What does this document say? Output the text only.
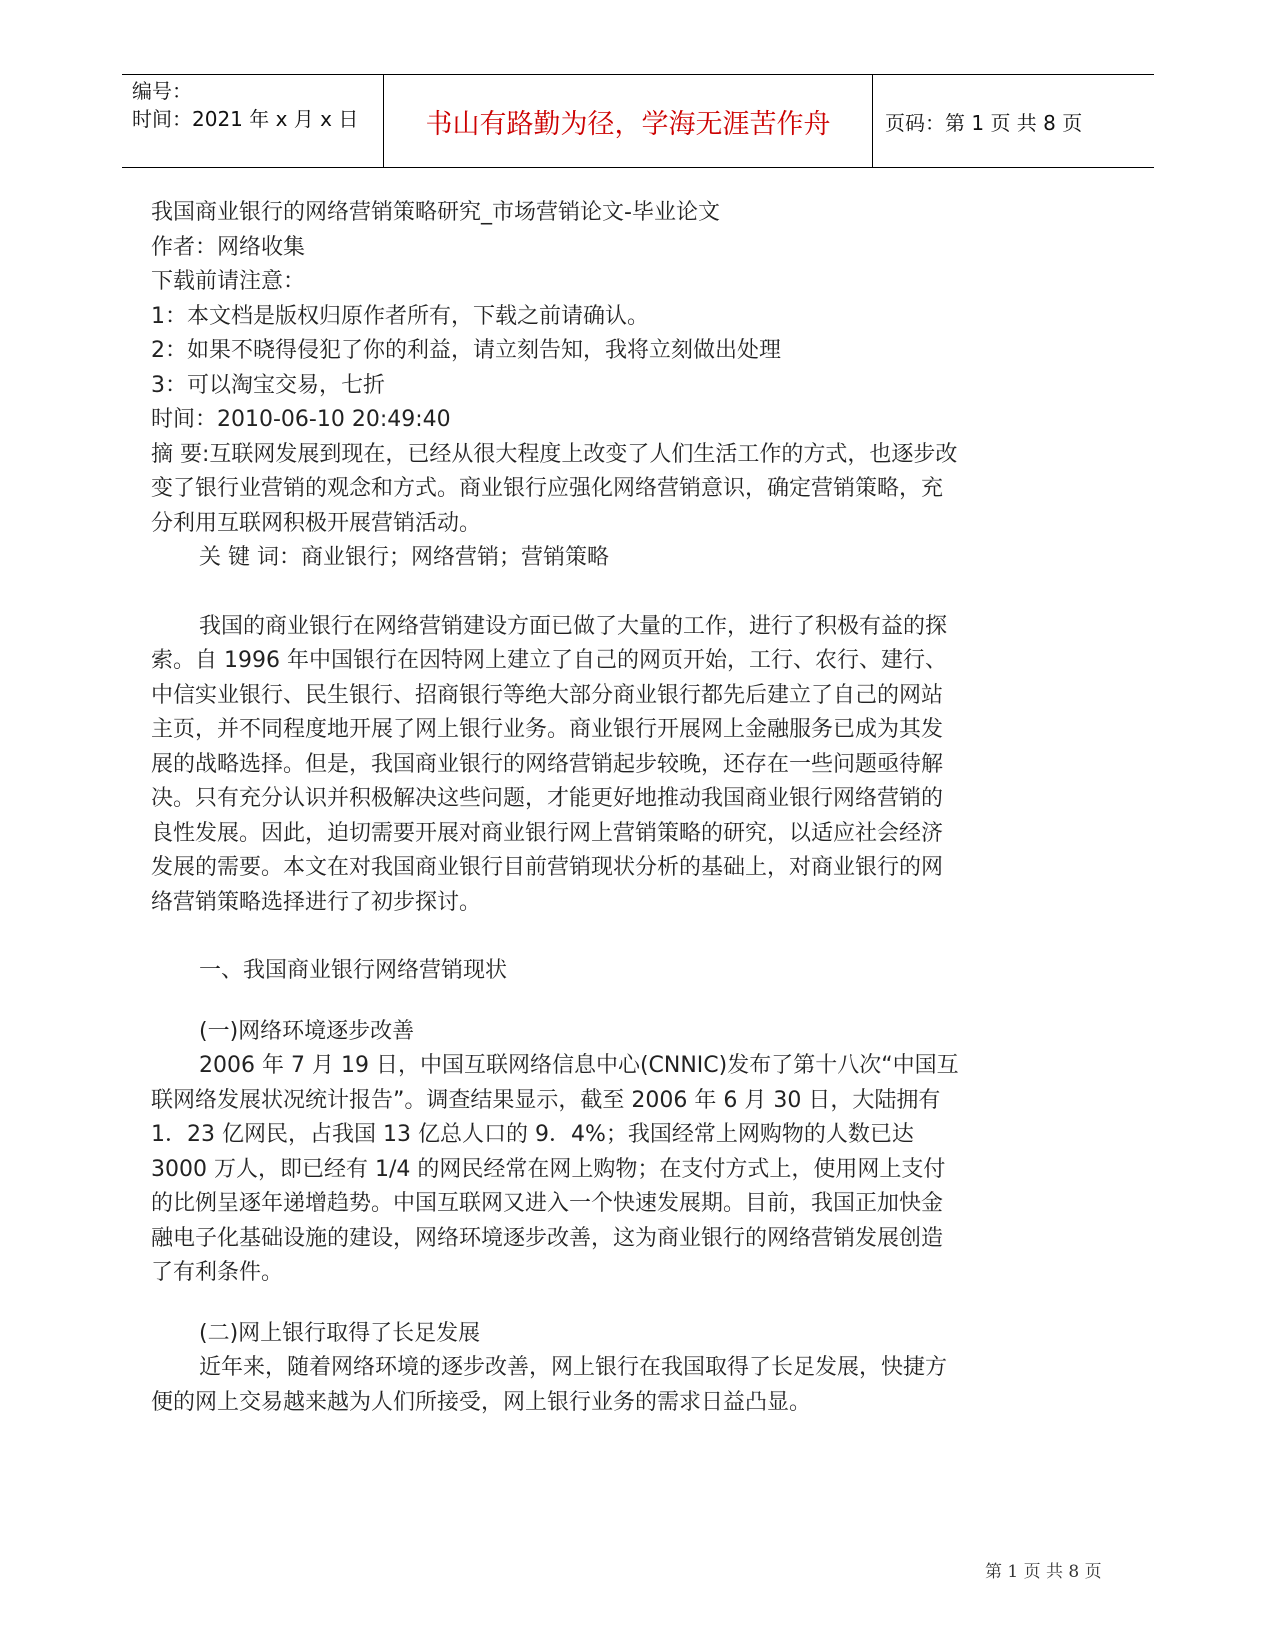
编号：
时间：2021 年 x 月 x 日	书山有路勤为径，学海无涯苦作舟	页码：第 1 页 共 8 页

我国商业银行的网络营销策略研究_市场营销论文-毕业论文

作者：网络收集

下载前请注意：

1：本文档是版权归原作者所有，下载之前请确认。

2：如果不晓得侵犯了你的利益，请立刻告知，我将立刻做出处理

3：可以淘宝交易，七折

时间：2010-06-10 20:49:40

摘 要:互联网发展到现在，已经从很大程度上改变了人们生活工作的方式，也逐步改变了银行业营销的观念和方式。商业银行应强化网络营销意识，确定营销策略，充分利用互联网积极开展营销活动。

关 键 词：商业银行；网络营销；营销策略

我国的商业银行在网络营销建设方面已做了大量的工作，进行了积极有益的探索。自 1996 年中国银行在因特网上建立了自己的网页开始，工行、农行、建行、中信实业银行、民生银行、招商银行等绝大部分商业银行都先后建立了自己的网站主页，并不同程度地开展了网上银行业务。商业银行开展网上金融服务已成为其发展的战略选择。但是，我国商业银行的网络营销起步较晚，还存在一些问题亟待解决。只有充分认识并积极解决这些问题，才能更好地推动我国商业银行网络营销的良性发展。因此，迫切需要开展对商业银行网上营销策略的研究，以适应社会经济发展的需要。本文在对我国商业银行目前营销现状分析的基础上，对商业银行的网络营销策略选择进行了初步探讨。

一、我国商业银行网络营销现状

(一)网络环境逐步改善

2006 年 7 月 19 日，中国互联网络信息中心(CNNIC)发布了第十八次“中国互联网络发展状况统计报告”。调查结果显示，截至 2006 年 6 月 30 日，大陆拥有 1．23 亿网民，占我国 13 亿总人口的 9．4%；我国经常上网购物的人数已达 3000 万人，即已经有 1/4 的网民经常在网上购物；在支付方式上，使用网上支付的比例呈逐年递增趋势。中国互联网又进入一个快速发展期。目前，我国正加快金融电子化基础设施的建设，网络环境逐步改善，这为商业银行的网络营销发展创造了有利条件。

(二)网上银行取得了长足发展

近年来，随着网络环境的逐步改善，网上银行在我国取得了长足发展，快捷方便的网上交易越来越为人们所接受，网上银行业务的需求日益凸显。

第 1 页 共 8 页
